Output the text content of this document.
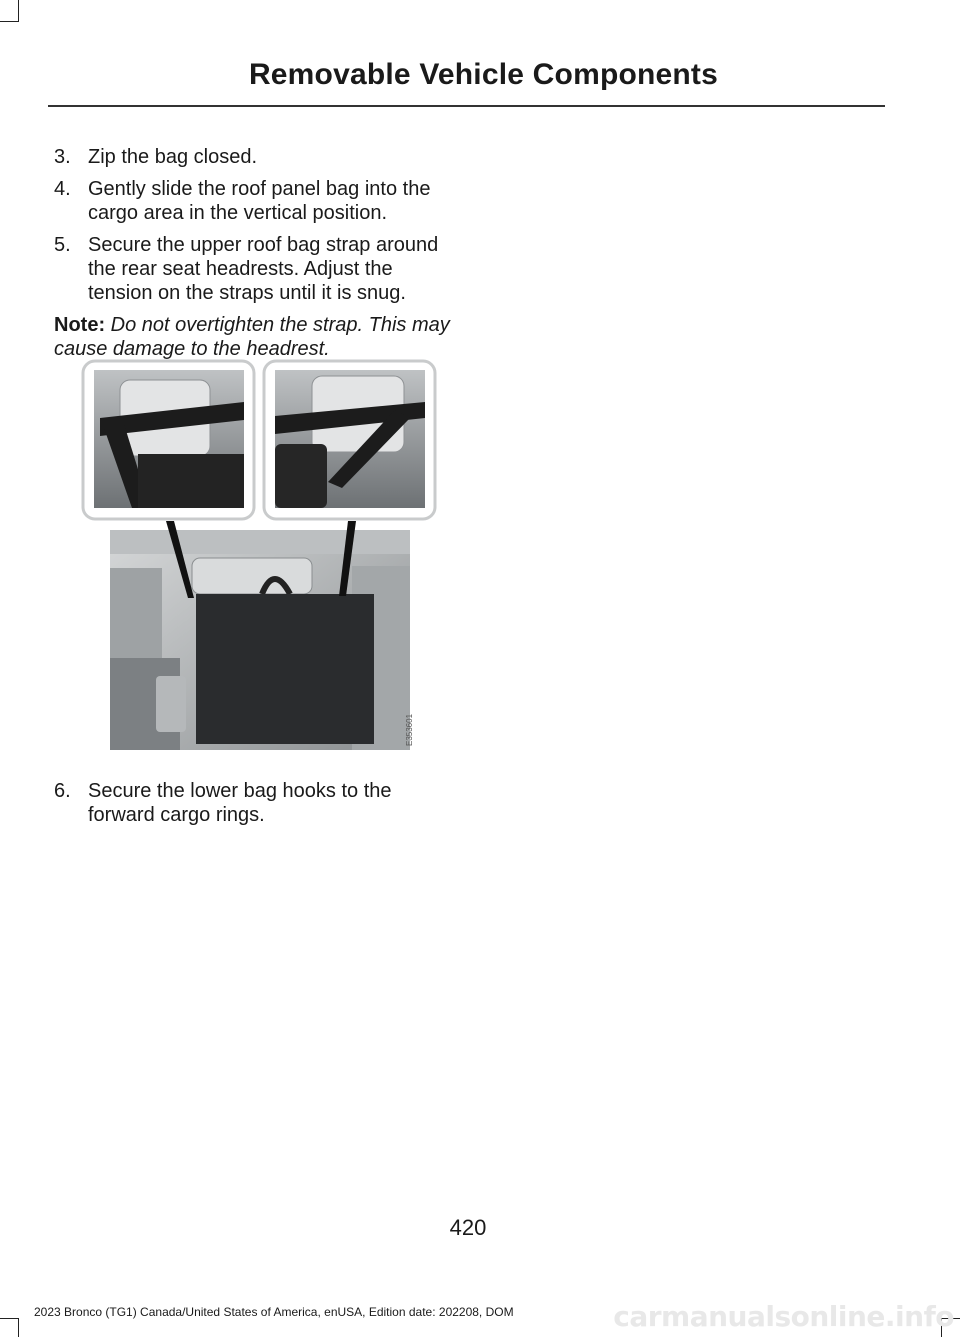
Removable Vehicle Components
3. Zip the bag closed.
4. Gently slide the roof panel bag into the cargo area in the vertical position.
5. Secure the upper roof bag strap around the rear seat headrests. Adjust the tension on the straps until it is snug.
Note: Do not overtighten the strap. This may cause damage to the headrest.
E353601
6. Secure the lower bag hooks to the forward cargo rings.
420
2023 Bronco (TG1) Canada/United States of America, enUSA, Edition date: 202208, DOM	carmanualsonline.info
